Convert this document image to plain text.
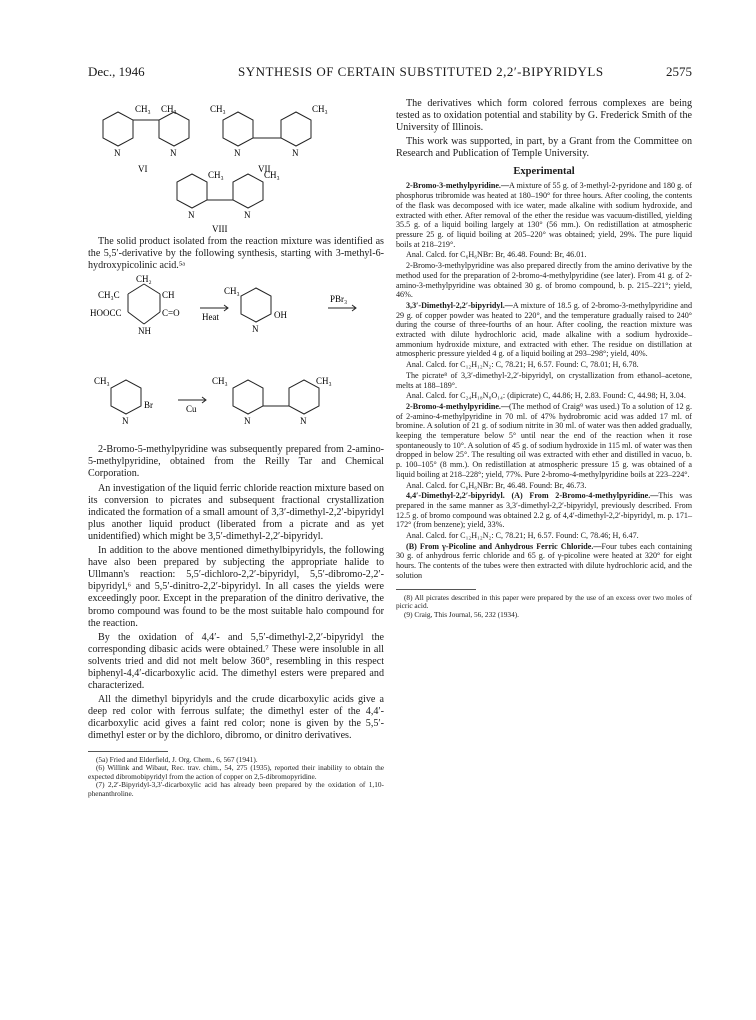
Dec., 1946	SYNTHESIS OF CERTAIN SUBSTITUTED 2,2′-BIPYRIDYLS	2575
CH₃ CH₃
N	N
VI
CH₃	CH₃
N	N
VII
CH₃	CH₃
N	N
VIII

The solid product isolated from the reaction mixture was identified as the 5,5′-derivative by the following synthesis, starting with 3-methyl-6-hydroxypicolinic acid.⁵ᵃ

CH₂
CH₃C	CH
HOOCC	C=O
NH
Heat
CH₃
OH
N
PBr₃
CH₃
Br
N
Cu
CH₃	CH₃
N	N

2-Bromo-5-methylpyridine was subsequently prepared from 2-amino-5-methylpyridine, obtained from the Reilly Tar and Chemical Corporation.

An investigation of the liquid ferric chloride reaction mixture based on its conversion to picrates and subsequent fractional crystallization indicated the formation of a small amount of 3,3′-dimethyl-2,2′-bipyridyl plus another liquid product (liberated from a picrate and as yet unidentified) which might be 3,5′-dimethyl-2,2′-bipyridyl.

In addition to the above mentioned dimethylbipyridyls, the following have also been prepared by subjecting the appropriate halide to Ullmann's reaction: 5,5′-dichloro-2,2′-bipyridyl, 5,5′-dibromo-2,2′-bipyridyl,⁶ and 5,5′-dinitro-2,2′-bipyridyl. In all cases the yields were exceedingly poor. Except in the preparation of the dinitro derivative, the bromo compound was found to be the most suitable halo compound for the reaction.

By the oxidation of 4,4′- and 5,5′-dimethyl-2,2′-bipyridyl the corresponding dibasic acids were obtained.⁷ These were insoluble in all solvents tried and did not melt below 360°, resembling in this respect biphenyl-4,4′-dicarboxylic acid. The dimethyl esters were prepared and characterized.

All the dimethyl bipyridyls and the crude dicarboxylic acids give a deep red color with ferrous sulfate; the dimethyl ester of the 4,4′-dicarboxylic acid gives a faint red color; none is given by the 5,5′-dimethyl ester or by the dichloro, dibromo, or dinitro derivatives.

(5a) Fried and Elderfield, J. Org. Chem., 6, 567 (1941).

(6) Willink and Wibaut, Rec. trav. chim., 54, 275 (1935), reported their inability to obtain the expected dibromobipyridyl from the action of copper on 2,5-dibromopyridine.

(7) 2,2′-Bipyridyl-3,3′-dicarboxylic acid has already been prepared by the oxidation of 1,10-phenanthroline.

The derivatives which form colored ferrous complexes are being tested as to oxidation potential and stability by G. Frederick Smith of the University of Illinois.

This work was supported, in part, by a Grant from the Committee on Research and Publication of Temple University.

Experimental

2-Bromo-3-methylpyridine.—A mixture of 55 g. of 3-methyl-2-pyridone and 180 g. of phosphorus tribromide was heated at 180–190° for three hours. After cooling, the contents of the flask was decomposed with ice water, made alkaline with sodium hydroxide, and extracted with ether. After removal of the ether the residue was vacuum-distilled, yielding 35.5 g. of a liquid boiling largely at 130° (56 mm.). On redistillation at atmospheric pressure 25 g. of liquid boiling at 205–220° was obtained; yield, 29%. The pure liquid boils at 218–219°.

Anal. Calcd. for C₆H₆NBr: Br, 46.48. Found: Br, 46.01.

2-Bromo-3-methylpyridine was also prepared directly from the amino derivative by the method used for the preparation of 2-bromo-4-methylpyridine (see later). From 41 g. of 2-amino-3-methylpyridine was obtained 30 g. of bromo compound, b. p. 215–221°; yield, 46%.

3,3′-Dimethyl-2,2′-bipyridyl.—A mixture of 18.5 g. of 2-bromo-3-methylpyridine and 29 g. of copper powder was heated to 220°, and the temperature gradually raised to 240° during the course of three-fourths of an hour. After cooling, the reaction mixture was extracted with dilute hydrochloric acid, made alkaline with a sodium hydroxide–ammonium hydroxide mixture, and extracted with ether. The residue on distillation at atmospheric pressure yielded 4 g. of a liquid boiling at 293–298°; yield, 40%.

Anal. Calcd. for C₁₂H₁₂N₂: C, 78.21; H, 6.57. Found: C, 78.01; H, 6.78.

The picrate⁸ of 3,3′-dimethyl-2,2′-bipyridyl, on crystallization from ethanol–acetone, melts at 188–189°.

Anal. Calcd. for C₂₄H₁₈N₈O₁₄: (dipicrate) C, 44.86; H, 2.83. Found: C, 44.98; H, 3.04.

2-Bromo-4-methylpyridine.—(The method of Craig⁹ was used.) To a solution of 12 g. of 2-amino-4-methylpyridine in 70 ml. of 47% hydrobromic acid was added 17 ml. of bromine. A solution of 21 g. of sodium nitrite in 30 ml. of water was then added gradually, keeping the temperature below 5° until near the end of the reaction when it rose spontaneously to 10°. A solution of 45 g. of sodium hydroxide in 115 ml. of water was then dropped in below 25°. The resulting oil was extracted with ether and distilled in vacuo, b. p. 100–105° (8 mm.). On redistillation at atmospheric pressure 15 g. was obtained of a liquid boiling at 218–228°; yield, 77%. Pure 2-bromo-4-methylpyridine boils at 223–224°.

Anal. Calcd. for C₆H₆NBr: Br, 46.48. Found: Br, 46.73.

4,4′-Dimethyl-2,2′-bipyridyl. (A) From 2-Bromo-4-methylpyridine.—This was prepared in the same manner as 3,3′-dimethyl-2,2′-bipyridyl, previously described. From 12.5 g. of bromo compound was obtained 2.2 g. of 4,4′-dimethyl-2,2′-bipyridyl, m. p. 171–172° (from benzene); yield, 33%.

Anal. Calcd. for C₁₂H₁₂N₂: C, 78.21; H, 6.57. Found: C, 78.46; H, 6.47.

(B) From γ-Picoline and Anhydrous Ferric Chloride.—Four tubes each containing 30 g. of anhydrous ferric chloride and 65 g. of γ-picoline were heated at 320° for eight hours. The contents of the tubes were then extracted with dilute hydrochloric acid, and the solution

(8) All picrates described in this paper were prepared by the use of an excess over two moles of picric acid.

(9) Craig, This Journal, 56, 232 (1934).
